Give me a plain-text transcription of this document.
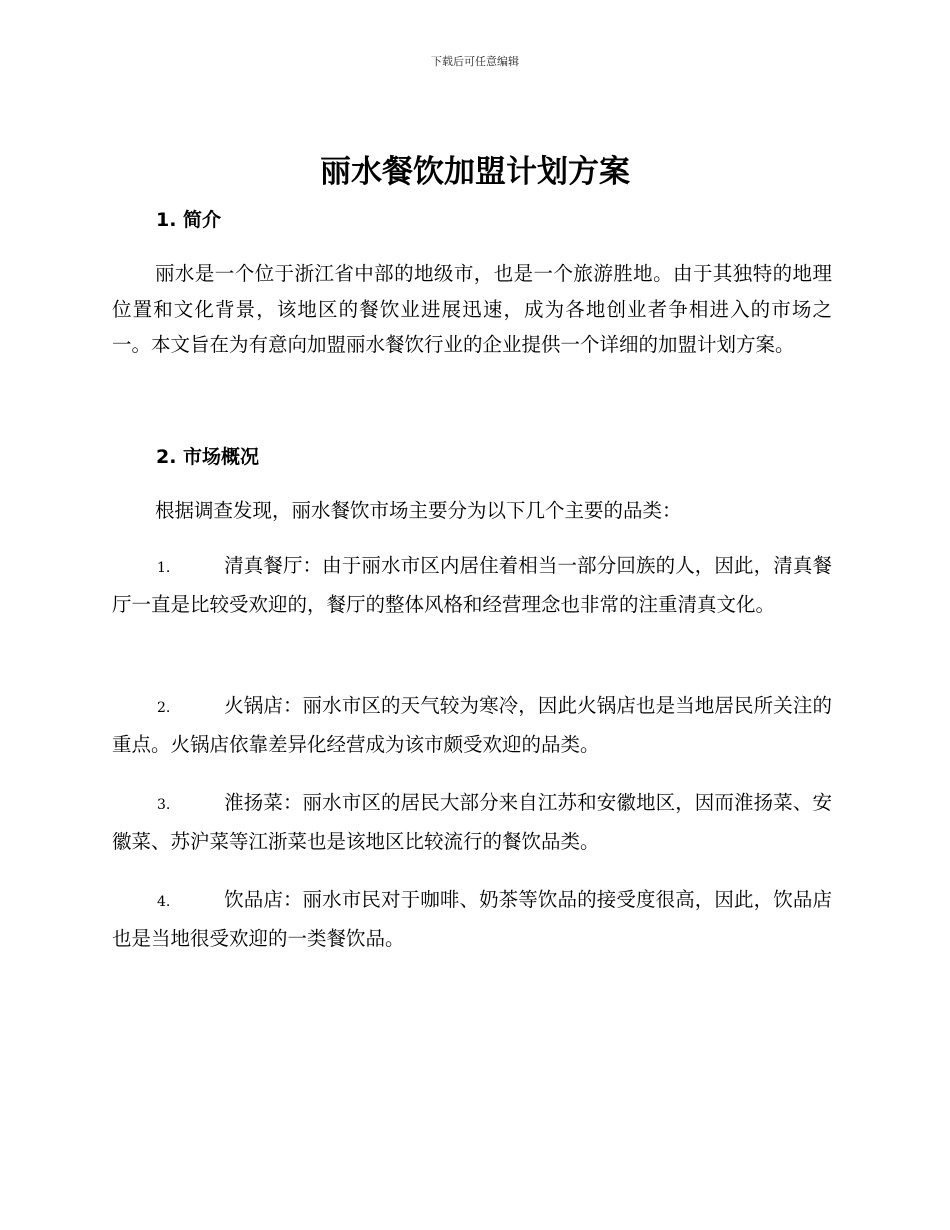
下载后可任意编辑
丽水餐饮加盟计划方案
1. 简介

丽水是一个位于浙江省中部的地级市，也是一个旅游胜地。由于其独特的地理位置和文化背景，该地区的餐饮业进展迅速，成为各地创业者争相进入的市场之一。本文旨在为有意向加盟丽水餐饮行业的企业提供一个详细的加盟计划方案。

2. 市场概况

根据调查发现，丽水餐饮市场主要分为以下几个主要的品类：

1.	清真餐厅：由于丽水市区内居住着相当一部分回族的人，因此，清真餐厅一直是比较受欢迎的，餐厅的整体风格和经营理念也非常的注重清真文化。

2.	火锅店：丽水市区的天气较为寒冷，因此火锅店也是当地居民所关注的重点。火锅店依靠差异化经营成为该市颇受欢迎的品类。

3.	淮扬菜：丽水市区的居民大部分来自江苏和安徽地区，因而淮扬菜、安徽菜、苏沪菜等江浙菜也是该地区比较流行的餐饮品类。

4.	饮品店：丽水市民对于咖啡、奶茶等饮品的接受度很高，因此，饮品店也是当地很受欢迎的一类餐饮品。
